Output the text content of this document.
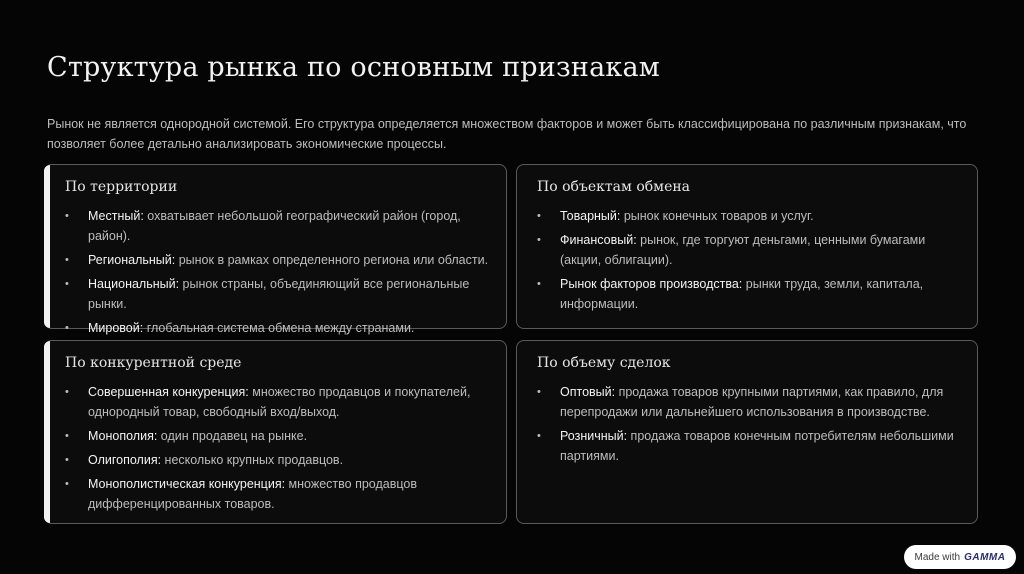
Структура рынка по основным признакам
Рынок не является однородной системой. Его структура определяется множеством факторов и может быть классифицирована по различным признакам, что позволяет более детально анализировать экономические процессы.
По территории
• Местный: охватывает небольшой географический район (город, район).
• Региональный: рынок в рамках определенного региона или области.
• Национальный: рынок страны, объединяющий все региональные рынки.
• Мировой: глобальная система обмена между странами.
По объектам обмена
• Товарный: рынок конечных товаров и услуг.
• Финансовый: рынок, где торгуют деньгами, ценными бумагами (акции, облигации).
• Рынок факторов производства: рынки труда, земли, капитала, информации.
По конкурентной среде
• Совершенная конкуренция: множество продавцов и покупателей, однородный товар, свободный вход/выход.
• Монополия: один продавец на рынке.
• Олигополия: несколько крупных продавцов.
• Монополистическая конкуренция: множество продавцов дифференцированных товаров.
По объему сделок
• Оптовый: продажа товаров крупными партиями, как правило, для перепродажи или дальнейшего использования в производстве.
• Розничный: продажа товаров конечным потребителям небольшими партиями.
Made with GAMMA
